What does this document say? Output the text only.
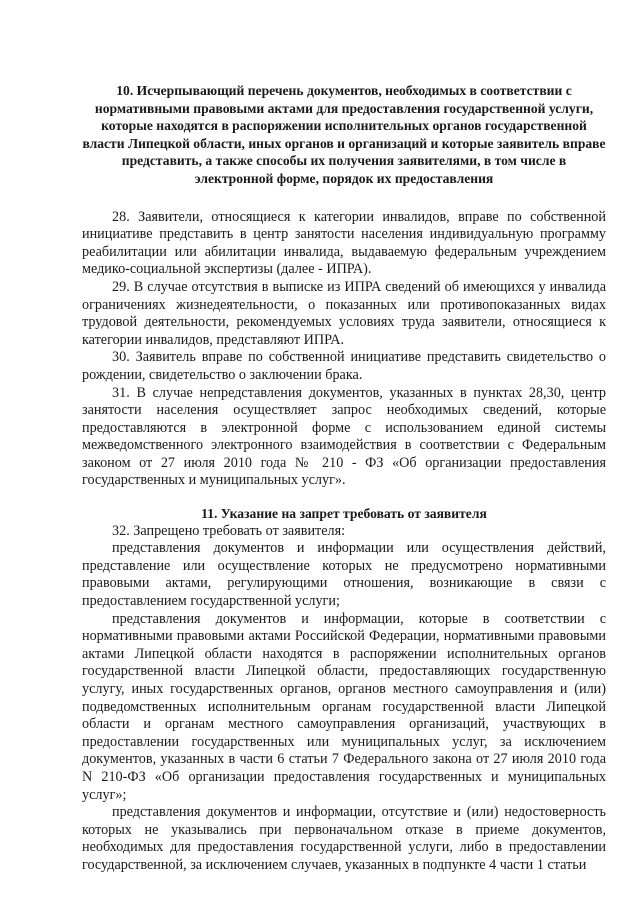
10. Исчерпывающий перечень документов, необходимых в соответствии с нормативными правовыми актами для предоставления государственной услуги, которые находятся в распоряжении исполнительных органов государственной власти Липецкой области, иных органов и организаций и которые заявитель вправе представить, а также способы их получения заявителями, в том числе в электронной форме, порядок их предоставления

28. Заявители, относящиеся к категории инвалидов, вправе по собственной инициативе представить в центр занятости населения индивидуальную программу реабилитации или абилитации инвалида, выдаваемую федеральным учреждением медико-социальной экспертизы (далее - ИПРА).

29. В случае отсутствия в выписке из ИПРА сведений об имеющихся у инвалида ограничениях жизнедеятельности, о показанных или противопоказанных видах трудовой деятельности, рекомендуемых условиях труда заявители, относящиеся к категории инвалидов, представляют ИПРА.

30. Заявитель вправе по собственной инициативе представить свидетельство о рождении, свидетельство о заключении брака.

31. В случае непредставления документов, указанных в пунктах 28,30, центр занятости населения осуществляет запрос необходимых сведений, которые предоставляются в электронной форме с использованием единой системы межведомственного электронного взаимодействия в соответствии с Федеральным законом от 27 июля 2010 года № 210 - ФЗ «Об организации предоставления государственных и муниципальных услуг».

11. Указание на запрет требовать от заявителя

32. Запрещено требовать от заявителя:

представления документов и информации или осуществления действий, представление или осуществление которых не предусмотрено нормативными правовыми актами, регулирующими отношения, возникающие в связи с предоставлением государственной услуги;

представления документов и информации, которые в соответствии с нормативными правовыми актами Российской Федерации, нормативными правовыми актами Липецкой области находятся в распоряжении исполнительных органов государственной власти Липецкой области, предоставляющих государственную услугу, иных государственных органов, органов местного самоуправления и (или) подведомственных исполнительным органам государственной власти Липецкой области и органам местного самоуправления организаций, участвующих в предоставлении государственных или муниципальных услуг, за исключением документов, указанных в части 6 статьи 7 Федерального закона от 27 июля 2010 года N 210-ФЗ «Об организации предоставления государственных и муниципальных услуг»;

представления документов и информации, отсутствие и (или) недостоверность которых не указывались при первоначальном отказе в приеме документов, необходимых для предоставления государственной услуги, либо в предоставлении государственной, за исключением случаев, указанных в подпункте 4 части 1 статьи
